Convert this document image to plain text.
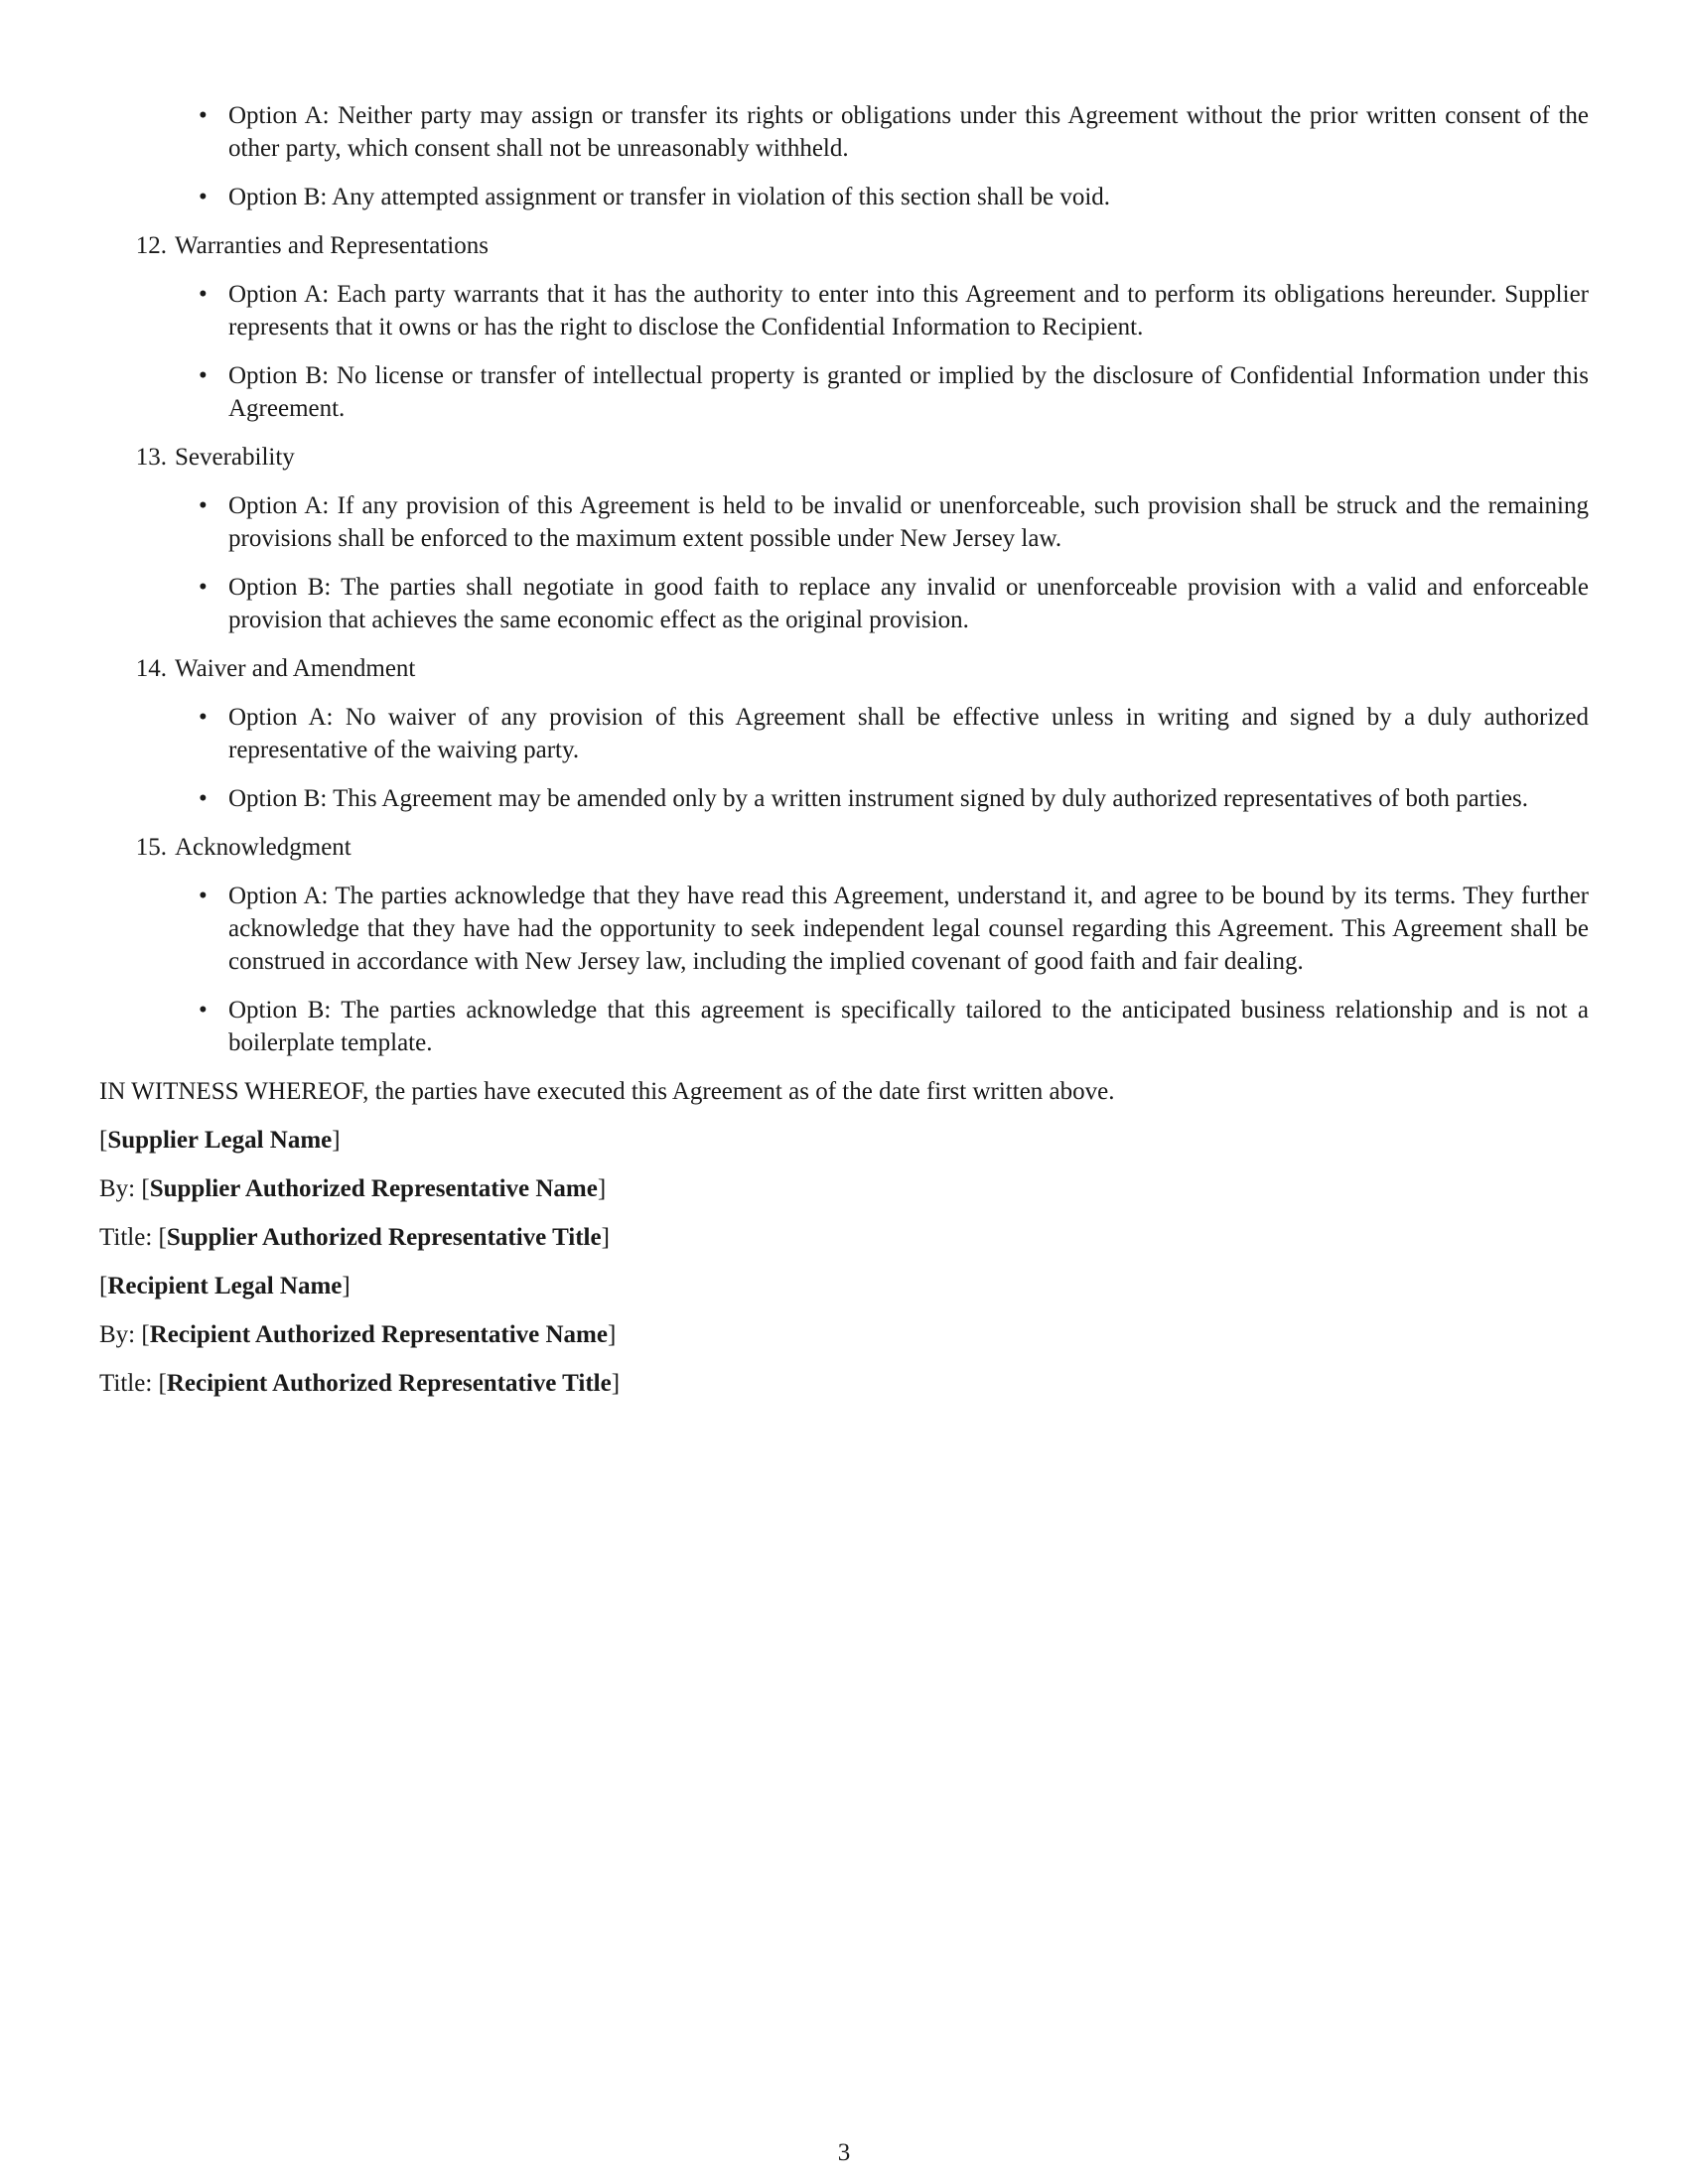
• Option A: Neither party may assign or transfer its rights or obligations under this Agreement without the prior written consent of the other party, which consent shall not be unreasonably withheld.
• Option B: Any attempted assignment or transfer in violation of this section shall be void.
12. Warranties and Representations
• Option A: Each party warrants that it has the authority to enter into this Agreement and to perform its obligations hereunder. Supplier represents that it owns or has the right to disclose the Confidential Information to Recipient.
• Option B: No license or transfer of intellectual property is granted or implied by the disclosure of Confidential Information under this Agreement.
13. Severability
• Option A: If any provision of this Agreement is held to be invalid or unenforceable, such provision shall be struck and the remaining provisions shall be enforced to the maximum extent possible under New Jersey law.
• Option B: The parties shall negotiate in good faith to replace any invalid or unenforceable provision with a valid and enforceable provision that achieves the same economic effect as the original provision.
14. Waiver and Amendment
• Option A: No waiver of any provision of this Agreement shall be effective unless in writing and signed by a duly authorized representative of the waiving party.
• Option B: This Agreement may be amended only by a written instrument signed by duly authorized representatives of both parties.
15. Acknowledgment
• Option A: The parties acknowledge that they have read this Agreement, understand it, and agree to be bound by its terms. They further acknowledge that they have had the opportunity to seek independent legal counsel regarding this Agreement. This Agreement shall be construed in accordance with New Jersey law, including the implied covenant of good faith and fair dealing.
• Option B: The parties acknowledge that this agreement is specifically tailored to the anticipated business relationship and is not a boilerplate template.

IN WITNESS WHEREOF, the parties have executed this Agreement as of the date first written above.

[Supplier Legal Name]

By: [Supplier Authorized Representative Name]

Title: [Supplier Authorized Representative Title]

[Recipient Legal Name]

By: [Recipient Authorized Representative Name]

Title: [Recipient Authorized Representative Title]

3
